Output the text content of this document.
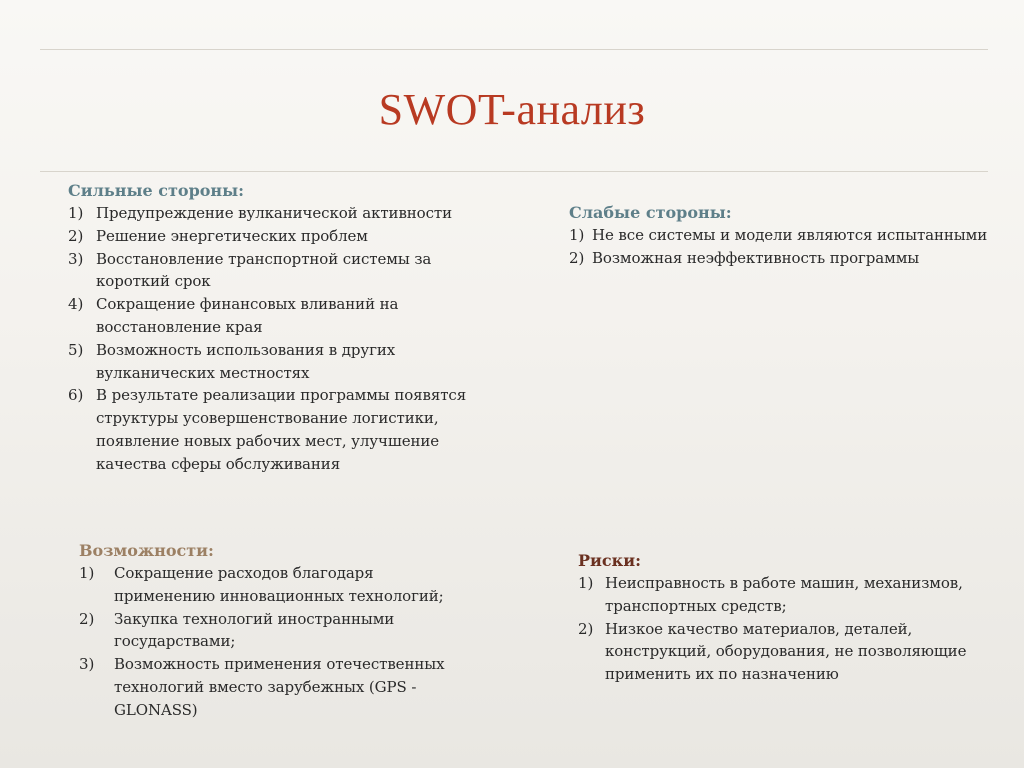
SWOT-анализ
Сильные стороны:
1) Предупреждение вулканической активности
2) Решение энергетических проблем
3) Восстановление транспортной системы за короткий срок
4) Сокращение финансовых вливаний на восстановление края
5) Возможность использования в других вулканических местностях
6) В результате реализации программы появятся структуры усовершенствование логистики, появление новых рабочих мест, улучшение качества сферы обслуживания
Слабые стороны:
1) Не все системы и модели являются испытанными
2) Возможная неэффективность программы
Возможности:
1) Сокращение расходов благодаря применению инновационных технологий;
2) Закупка технологий иностранными государствами;
3) Возможность применения отечественных технологий вместо зарубежных (GPS - GLONASS)
Риски:
1) Неисправность в работе машин, механизмов, транспортных средств;
2) Низкое качество материалов, деталей, конструкций, оборудования, не позволяющие применить их по назначению
